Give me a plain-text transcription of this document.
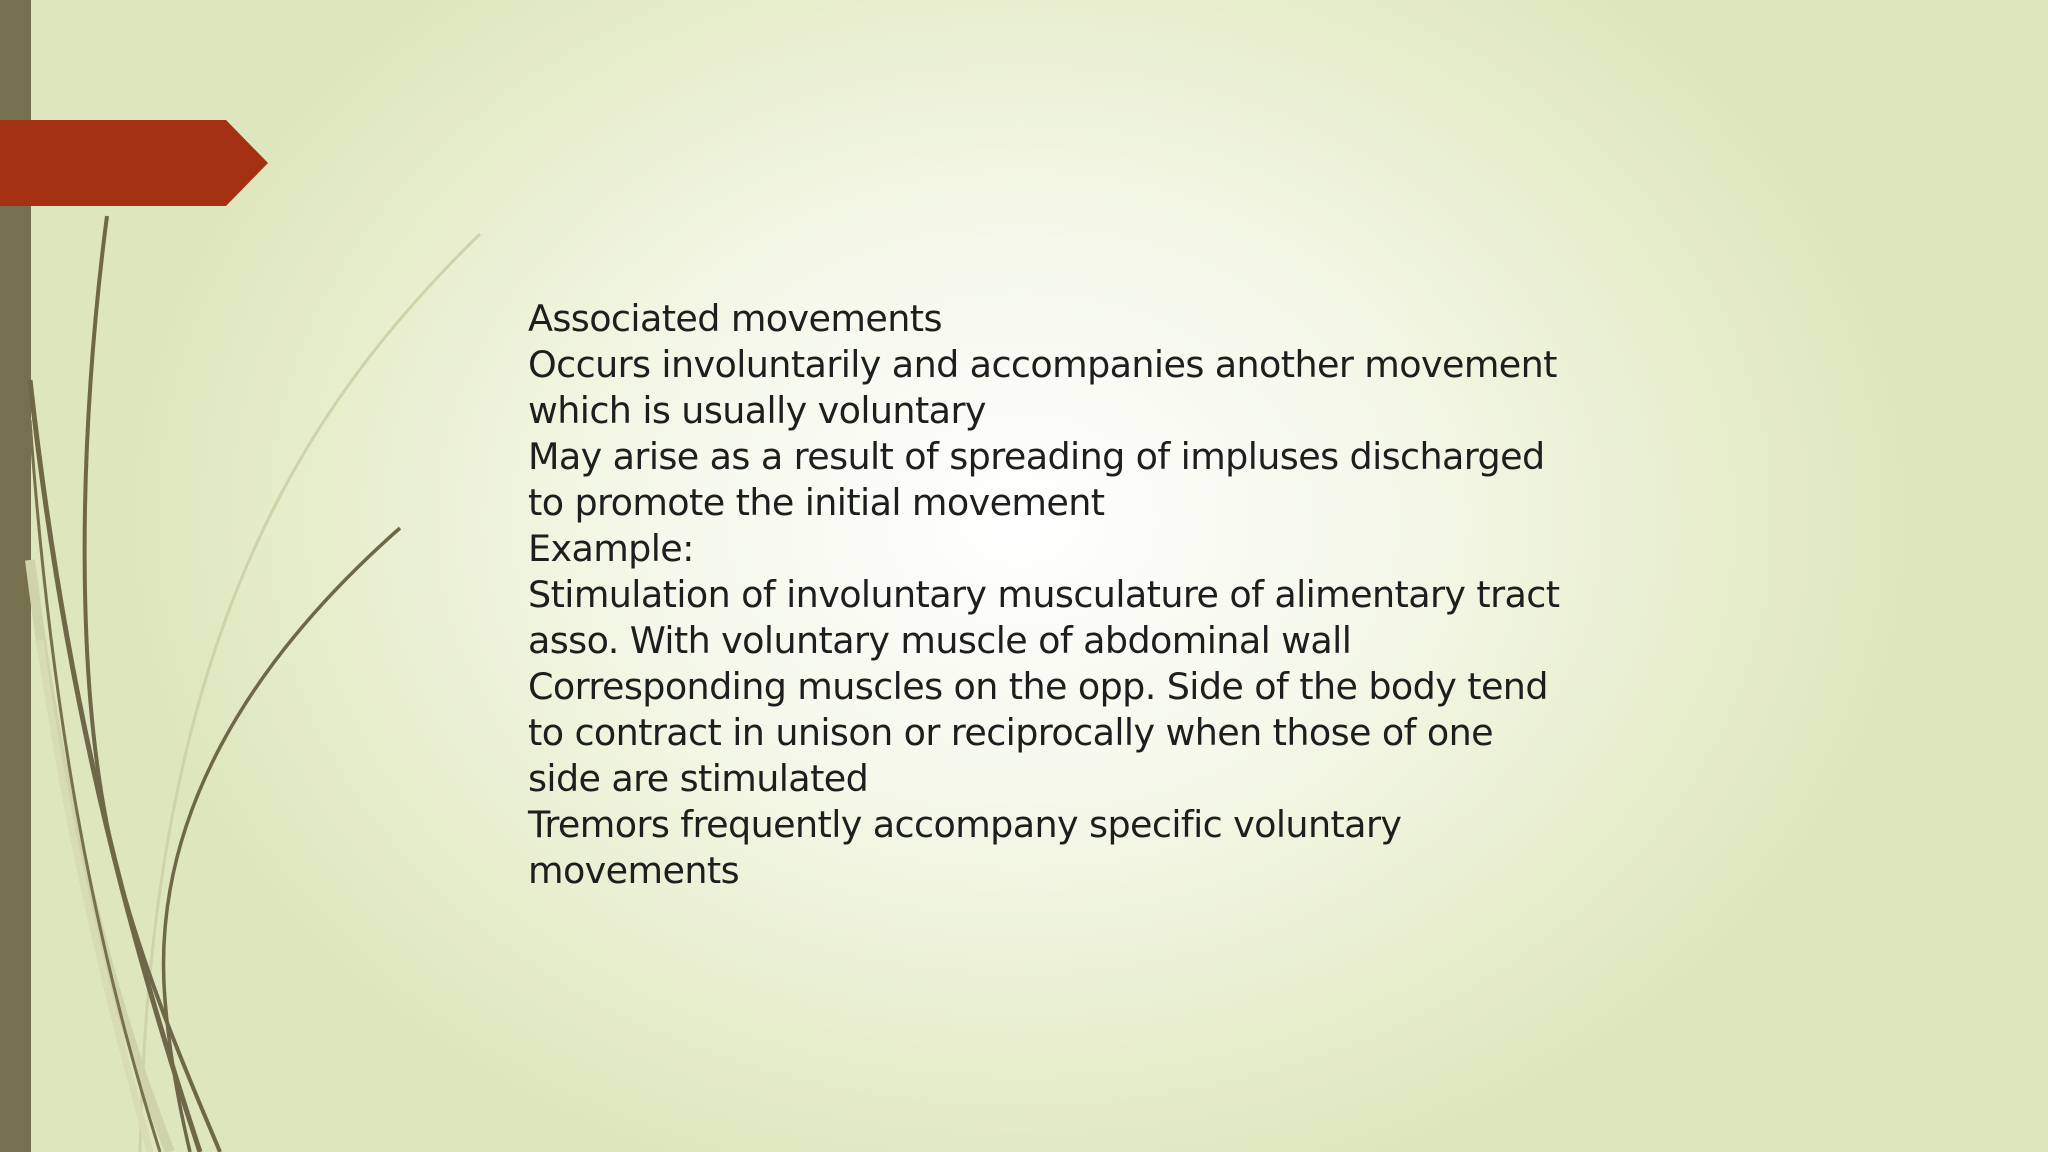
Associated movements
Occurs involuntarily and accompanies another movement
which is usually voluntary
May arise as a result of spreading of impluses discharged
to promote the initial movement
Example:
Stimulation of involuntary musculature of alimentary tract
asso. With voluntary muscle of abdominal wall
Corresponding muscles on the opp. Side of the body tend
to contract in unison or reciprocally when those of one
side are stimulated
Tremors frequently accompany specific voluntary
movements
